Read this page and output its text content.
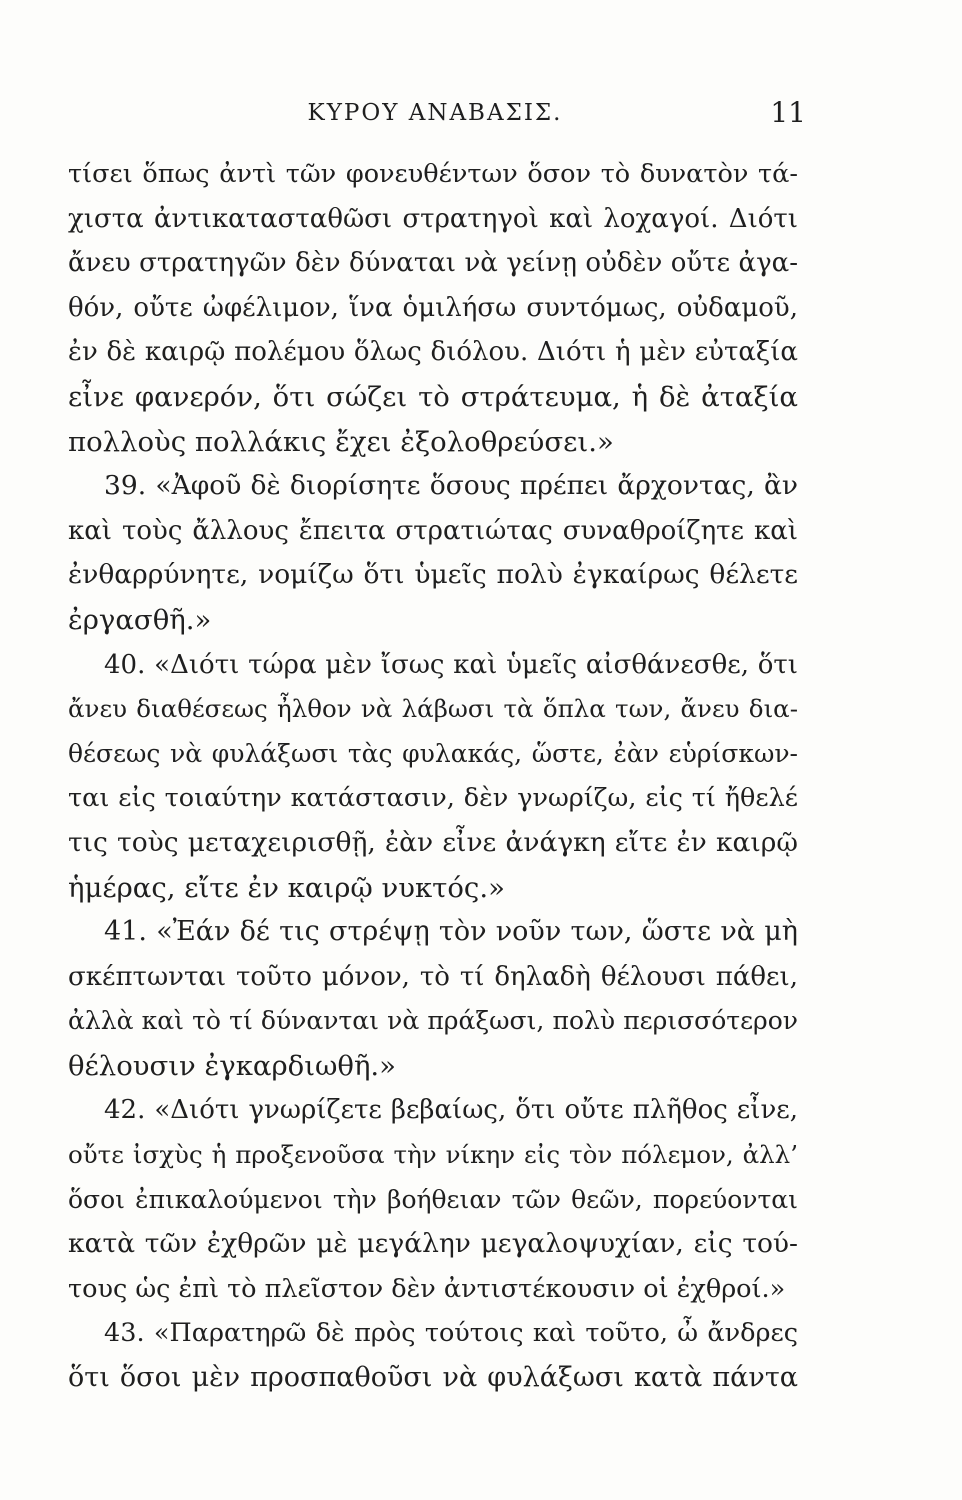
ΚΥΡΟΥ ΑΝΑΒΑΣΙΣ.	11
τίσει ὅπως ἀντὶ τῶν φονευθέντων ὅσον τὸ δυνατὸν τά-
χιστα ἀντικατασταθῶσι στρατηγοὶ καὶ λοχαγοί. Διότι
ἄνευ στρατηγῶν δὲν δύναται νὰ γείνῃ οὐδὲν οὔτε ἀγα-
θόν, οὔτε ὠφέλιμον, ἵνα ὁμιλήσω συντόμως, οὐδαμοῦ,
ἐν δὲ καιρῷ πολέμου ὅλως διόλου. Διότι ἡ μὲν εὐταξία
εἶνε φανερόν, ὅτι σώζει τὸ στράτευμα, ἡ δὲ ἀταξία
πολλοὺς πολλάκις ἔχει ἐξολοθρεύσει.»
39. «Ἀφοῦ δὲ διορίσητε ὅσους πρέπει ἄρχοντας, ἂν
καὶ τοὺς ἄλλους ἔπειτα στρατιώτας συναθροίζητε καὶ
ἐνθαρρύνητε, νομίζω ὅτι ὑμεῖς πολὺ ἐγκαίρως θέλετε
ἐργασθῆ.»
40. «Διότι τώρα μὲν ἴσως καὶ ὑμεῖς αἰσθάνεσθε, ὅτι
ἄνευ διαθέσεως ἦλθον νὰ λάβωσι τὰ ὅπλα των, ἄνευ δια-
θέσεως νὰ φυλάξωσι τὰς φυλακάς, ὥστε, ἐὰν εὑρίσκων-
ται εἰς τοιαύτην κατάστασιν, δὲν γνωρίζω, εἰς τί ἤθελέ
τις τοὺς μεταχειρισθῇ, ἐὰν εἶνε ἀνάγκη εἴτε ἐν καιρῷ
ἡμέρας, εἴτε ἐν καιρῷ νυκτός.»
41. «Ἐάν δέ τις στρέψῃ τὸν νοῦν των, ὥστε νὰ μὴ
σκέπτωνται τοῦτο μόνον, τὸ τί δηλαδὴ θέλουσι πάθει,
ἀλλὰ καὶ τὸ τί δύνανται νὰ πράξωσι, πολὺ περισσότερον
θέλουσιν ἐγκαρδιωθῆ.»
42. «Διότι γνωρίζετε βεβαίως, ὅτι οὔτε πλῆθος εἶνε,
οὔτε ἰσχὺς ἡ προξενοῦσα τὴν νίκην εἰς τὸν πόλεμον, ἀλλ’
ὅσοι ἐπικαλούμενοι τὴν βοήθειαν τῶν θεῶν, πορεύονται
κατὰ τῶν ἐχθρῶν μὲ μεγάλην μεγαλοψυχίαν, εἰς τού-
τους ὡς ἐπὶ τὸ πλεῖστον δὲν ἀντιστέκουσιν οἱ ἐχθροί.»
43. «Παρατηρῶ δὲ πρὸς τούτοις καὶ τοῦτο, ὦ ἄνδρες
ὅτι ὅσοι μὲν προσπαθοῦσι νὰ φυλάξωσι κατὰ πάντα
